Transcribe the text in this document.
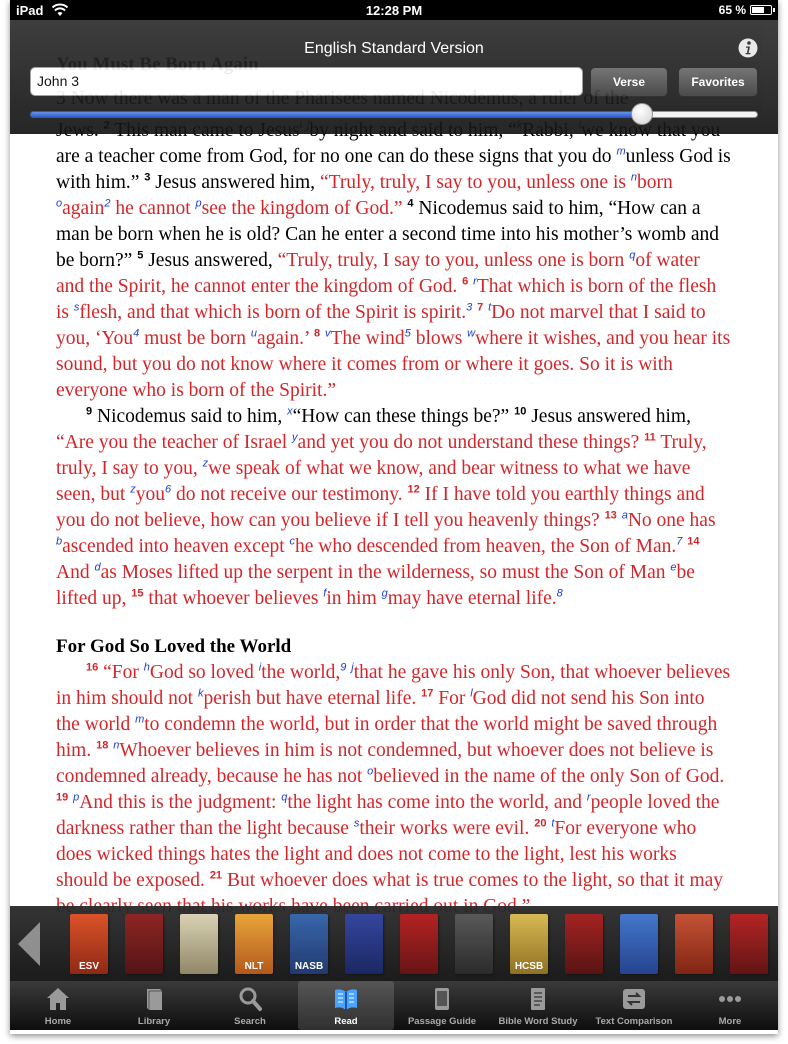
iPad	12:28 PM	65 %

are a teacher come from God, for no one can do these signs that you do $^m$unless God is with him.” $^3$ Jesus answered him, “Truly, truly, I say to you, unless one is $^n$born $^o$again$^2$ he cannot $^p$see the kingdom of God.” $^4$ Nicodemus said to him, “How can a man be born when he is old? Can he enter a second time into his mother’s womb and be born?” $^5$ Jesus answered, “Truly, truly, I say to you, unless one is born $^q$of water and the Spirit, he cannot enter the kingdom of God. $^6$ $^r$That which is born of the flesh is $^s$flesh, and that which is born of the Spirit is spirit.$^3$ $^7$ $^t$Do not marvel that I said to you, ‘You$^4$ must be born $^u$again.’ $^8$ $^v$The wind$^5$ blows $^w$where it wishes, and you hear its sound, but you do not know where it comes from or where it goes. So it is with everyone who is born of the Spirit.”

$^9$ Nicodemus said to him, $^x$“How can these things be?” $^{10}$ Jesus answered him, “Are you the teacher of Israel $^y$and yet you do not understand these things? $^{11}$ Truly, truly, I say to you, $^z$we speak of what we know, and bear witness to what we have seen, but $^z$you$^6$ do not receive our testimony. $^{12}$ If I have told you earthly things and you do not believe, how can you believe if I tell you heavenly things? $^{13}$ $^a$No one has $^b$ascended into heaven except $^c$he who descended from heaven, the Son of Man.$^7$ $^{14}$ And $^d$as Moses lifted up the serpent in the wilderness, so must the Son of Man $^e$be lifted up, $^{15}$ that whoever believes $^f$in him $^g$may have eternal life.$^8$

For God So Loved the World

$^{16}$ “For $^h$God so loved $^i$the world,$^9$ $^j$that he gave his only Son, that whoever believes in him should not $^k$perish but have eternal life. $^{17}$ For $^l$God did not send his Son into the world $^m$to condemn the world, but in order that the world might be saved through him. $^{18}$ $^n$Whoever believes in him is not condemned, but whoever does not believe is condemned already, because he has not $^o$believed in the name of the only Son of God. $^{19}$ $^p$And this is the judgment: $^q$the light has come into the world, and $^r$people loved the darkness rather than the light because $^s$their works were evil. $^{20}$ $^t$For everyone who does wicked things hates the light and does not come to the light, lest his works should be exposed. $^{21}$ But whoever does what is true comes to the light, so that it may

English Standard Version
John 3	Verse	Favorites
ESV	NLT	NASB	HCSB
Home	Library	Search	Read	Passage Guide	Bible Word Study	Text Comparison	More
